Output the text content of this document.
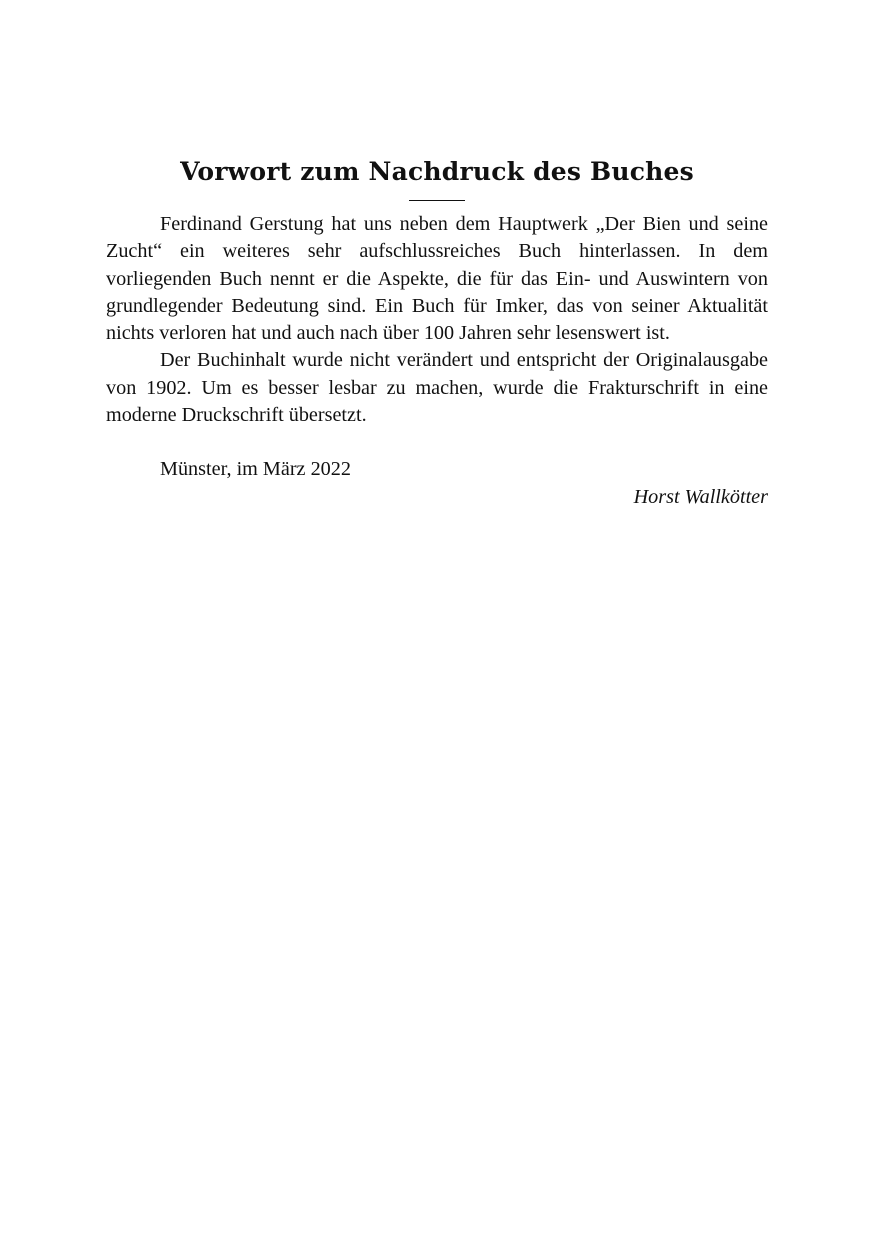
Vorwort zum Nachdruck des Buches

Ferdinand Gerstung hat uns neben dem Hauptwerk „Der Bien und seine Zucht“ ein weiteres sehr aufschlussreiches Buch hinterlassen. In dem vorliegenden Buch nennt er die Aspekte, die für das Ein- und Auswintern von grundlegender Bedeutung sind. Ein Buch für Imker, das von seiner Aktualität nichts verloren hat und auch nach über 100 Jahren sehr lesenswert ist.

Der Buchinhalt wurde nicht verändert und entspricht der Originalausgabe von 1902. Um es besser lesbar zu machen, wurde die Frakturschrift in eine moderne Druckschrift übersetzt.

Münster, im März 2022

Horst Wallkötter
